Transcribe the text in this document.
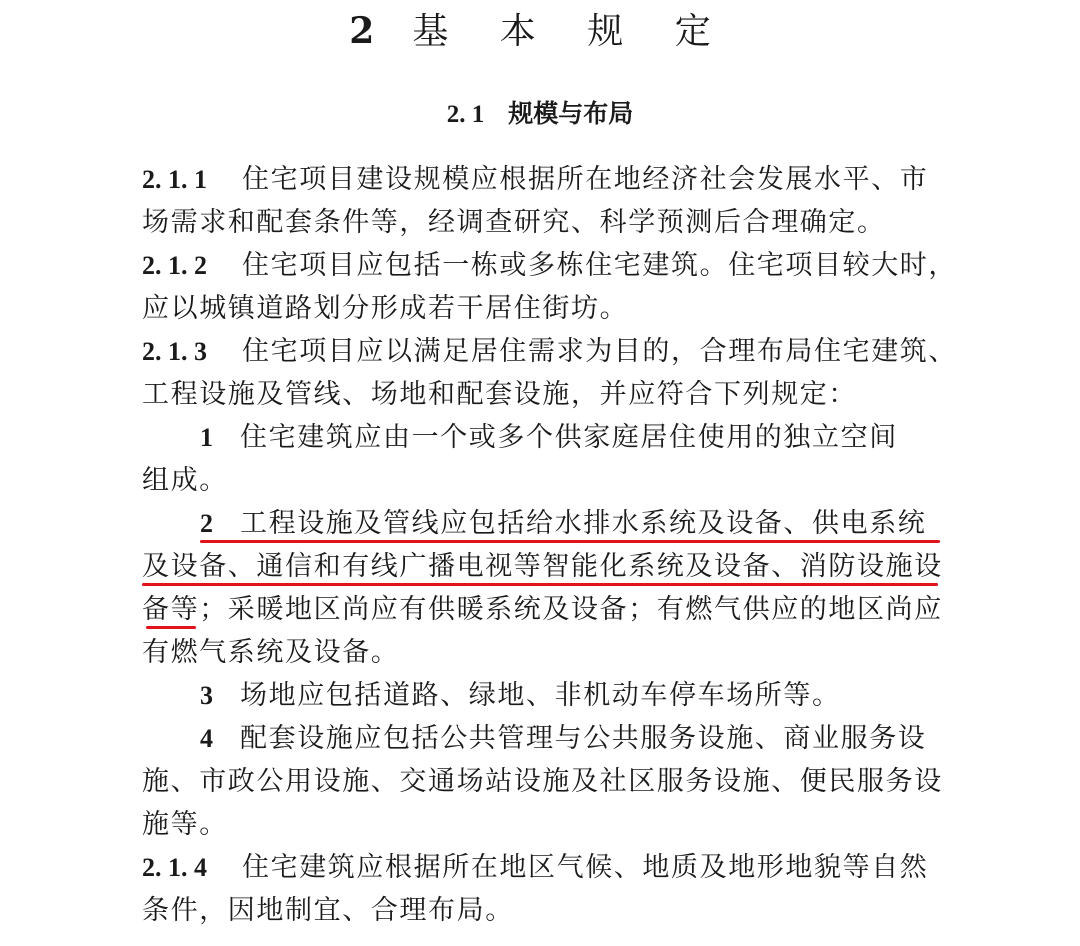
2 基 本 规 定
2. 1 规模与布局
2. 1. 1 住宅项目建设规模应根据所在地经济社会发展水平、市
场需求和配套条件等，经调查研究、科学预测后合理确定。
2. 1. 2 住宅项目应包括一栋或多栋住宅建筑。住宅项目较大时，
应以城镇道路划分形成若干居住街坊。
2. 1. 3 住宅项目应以满足居住需求为目的，合理布局住宅建筑、
工程设施及管线、场地和配套设施，并应符合下列规定：
1 住宅建筑应由一个或多个供家庭居住使用的独立空间
组成。
2 工程设施及管线应包括给水排水系统及设备、供电系统
及设备、通信和有线广播电视等智能化系统及设备、消防设施设
备等；采暖地区尚应有供暖系统及设备；有燃气供应的地区尚应
有燃气系统及设备。
3 场地应包括道路、绿地、非机动车停车场所等。
4 配套设施应包括公共管理与公共服务设施、商业服务设
施、市政公用设施、交通场站设施及社区服务设施、便民服务设
施等。
2. 1. 4 住宅建筑应根据所在地区气候、地质及地形地貌等自然
条件，因地制宜、合理布局。
